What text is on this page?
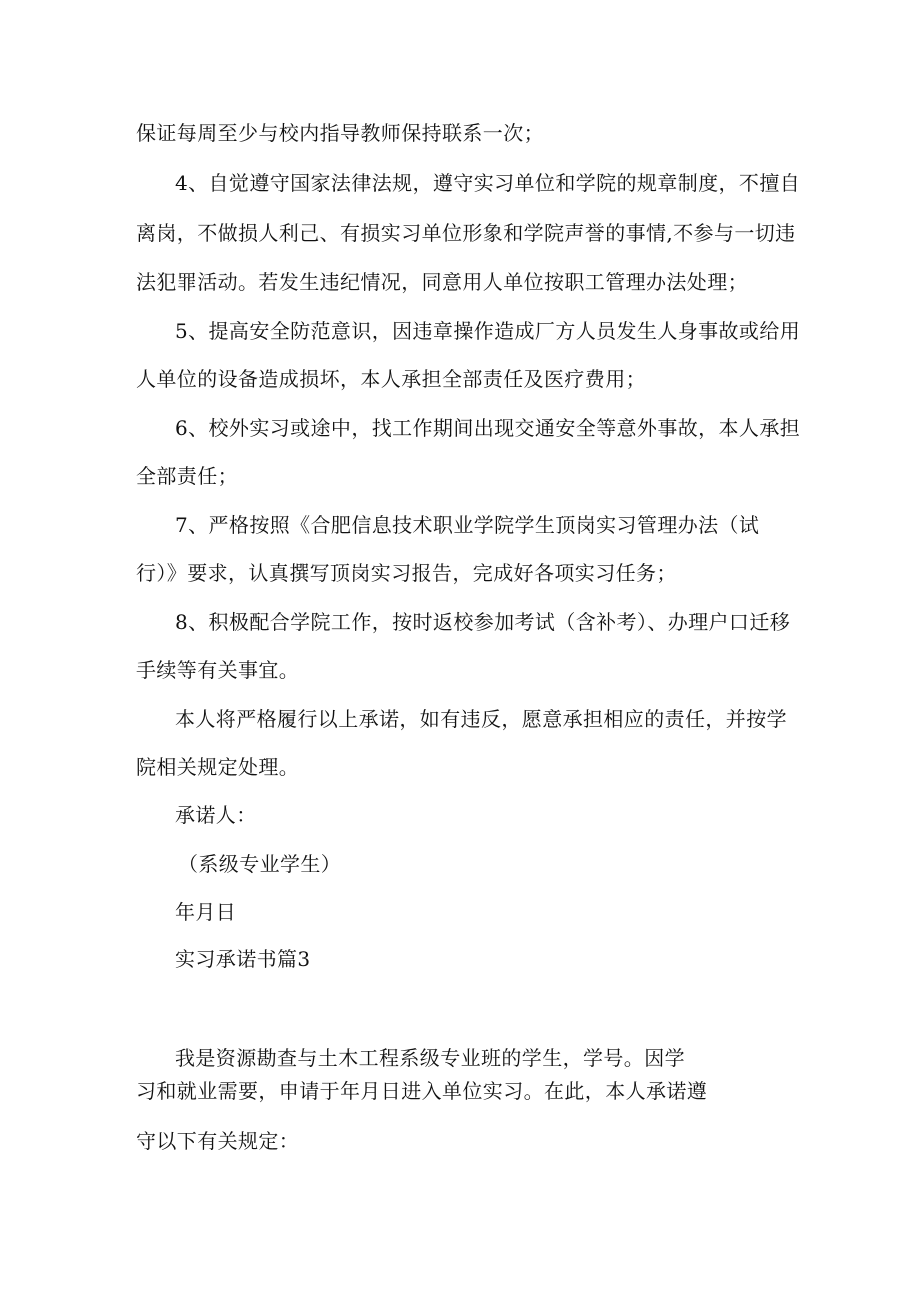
保证每周至少与校内指导教师保持联系一次；
4、自觉遵守国家法律法规，遵守实习单位和学院的规章制度，不擅自
离岗，不做损人利己、有损实习单位形象和学院声誉的事情,不参与一切违
法犯罪活动。若发生违纪情况，同意用人单位按职工管理办法处理；
5、提高安全防范意识，因违章操作造成厂方人员发生人身事故或给用
人单位的设备造成损坏，本人承担全部责任及医疗费用；
6、校外实习或途中，找工作期间出现交通安全等意外事故，本人承担
全部责任；
7、严格按照《合肥信息技术职业学院学生顶岗实习管理办法（试
行）》要求，认真撰写顶岗实习报告，完成好各项实习任务；
8、积极配合学院工作，按时返校参加考试（含补考）、办理户口迁移
手续等有关事宜。
本人将严格履行以上承诺，如有违反，愿意承担相应的责任，并按学
院相关规定处理。
承诺人：
（系级专业学生）
年月日
实习承诺书篇3
我是资源勘查与土木工程系级专业班的学生，学号。因学
习和就业需要，申请于年月日进入单位实习。在此，本人承诺遵
守以下有关规定：
